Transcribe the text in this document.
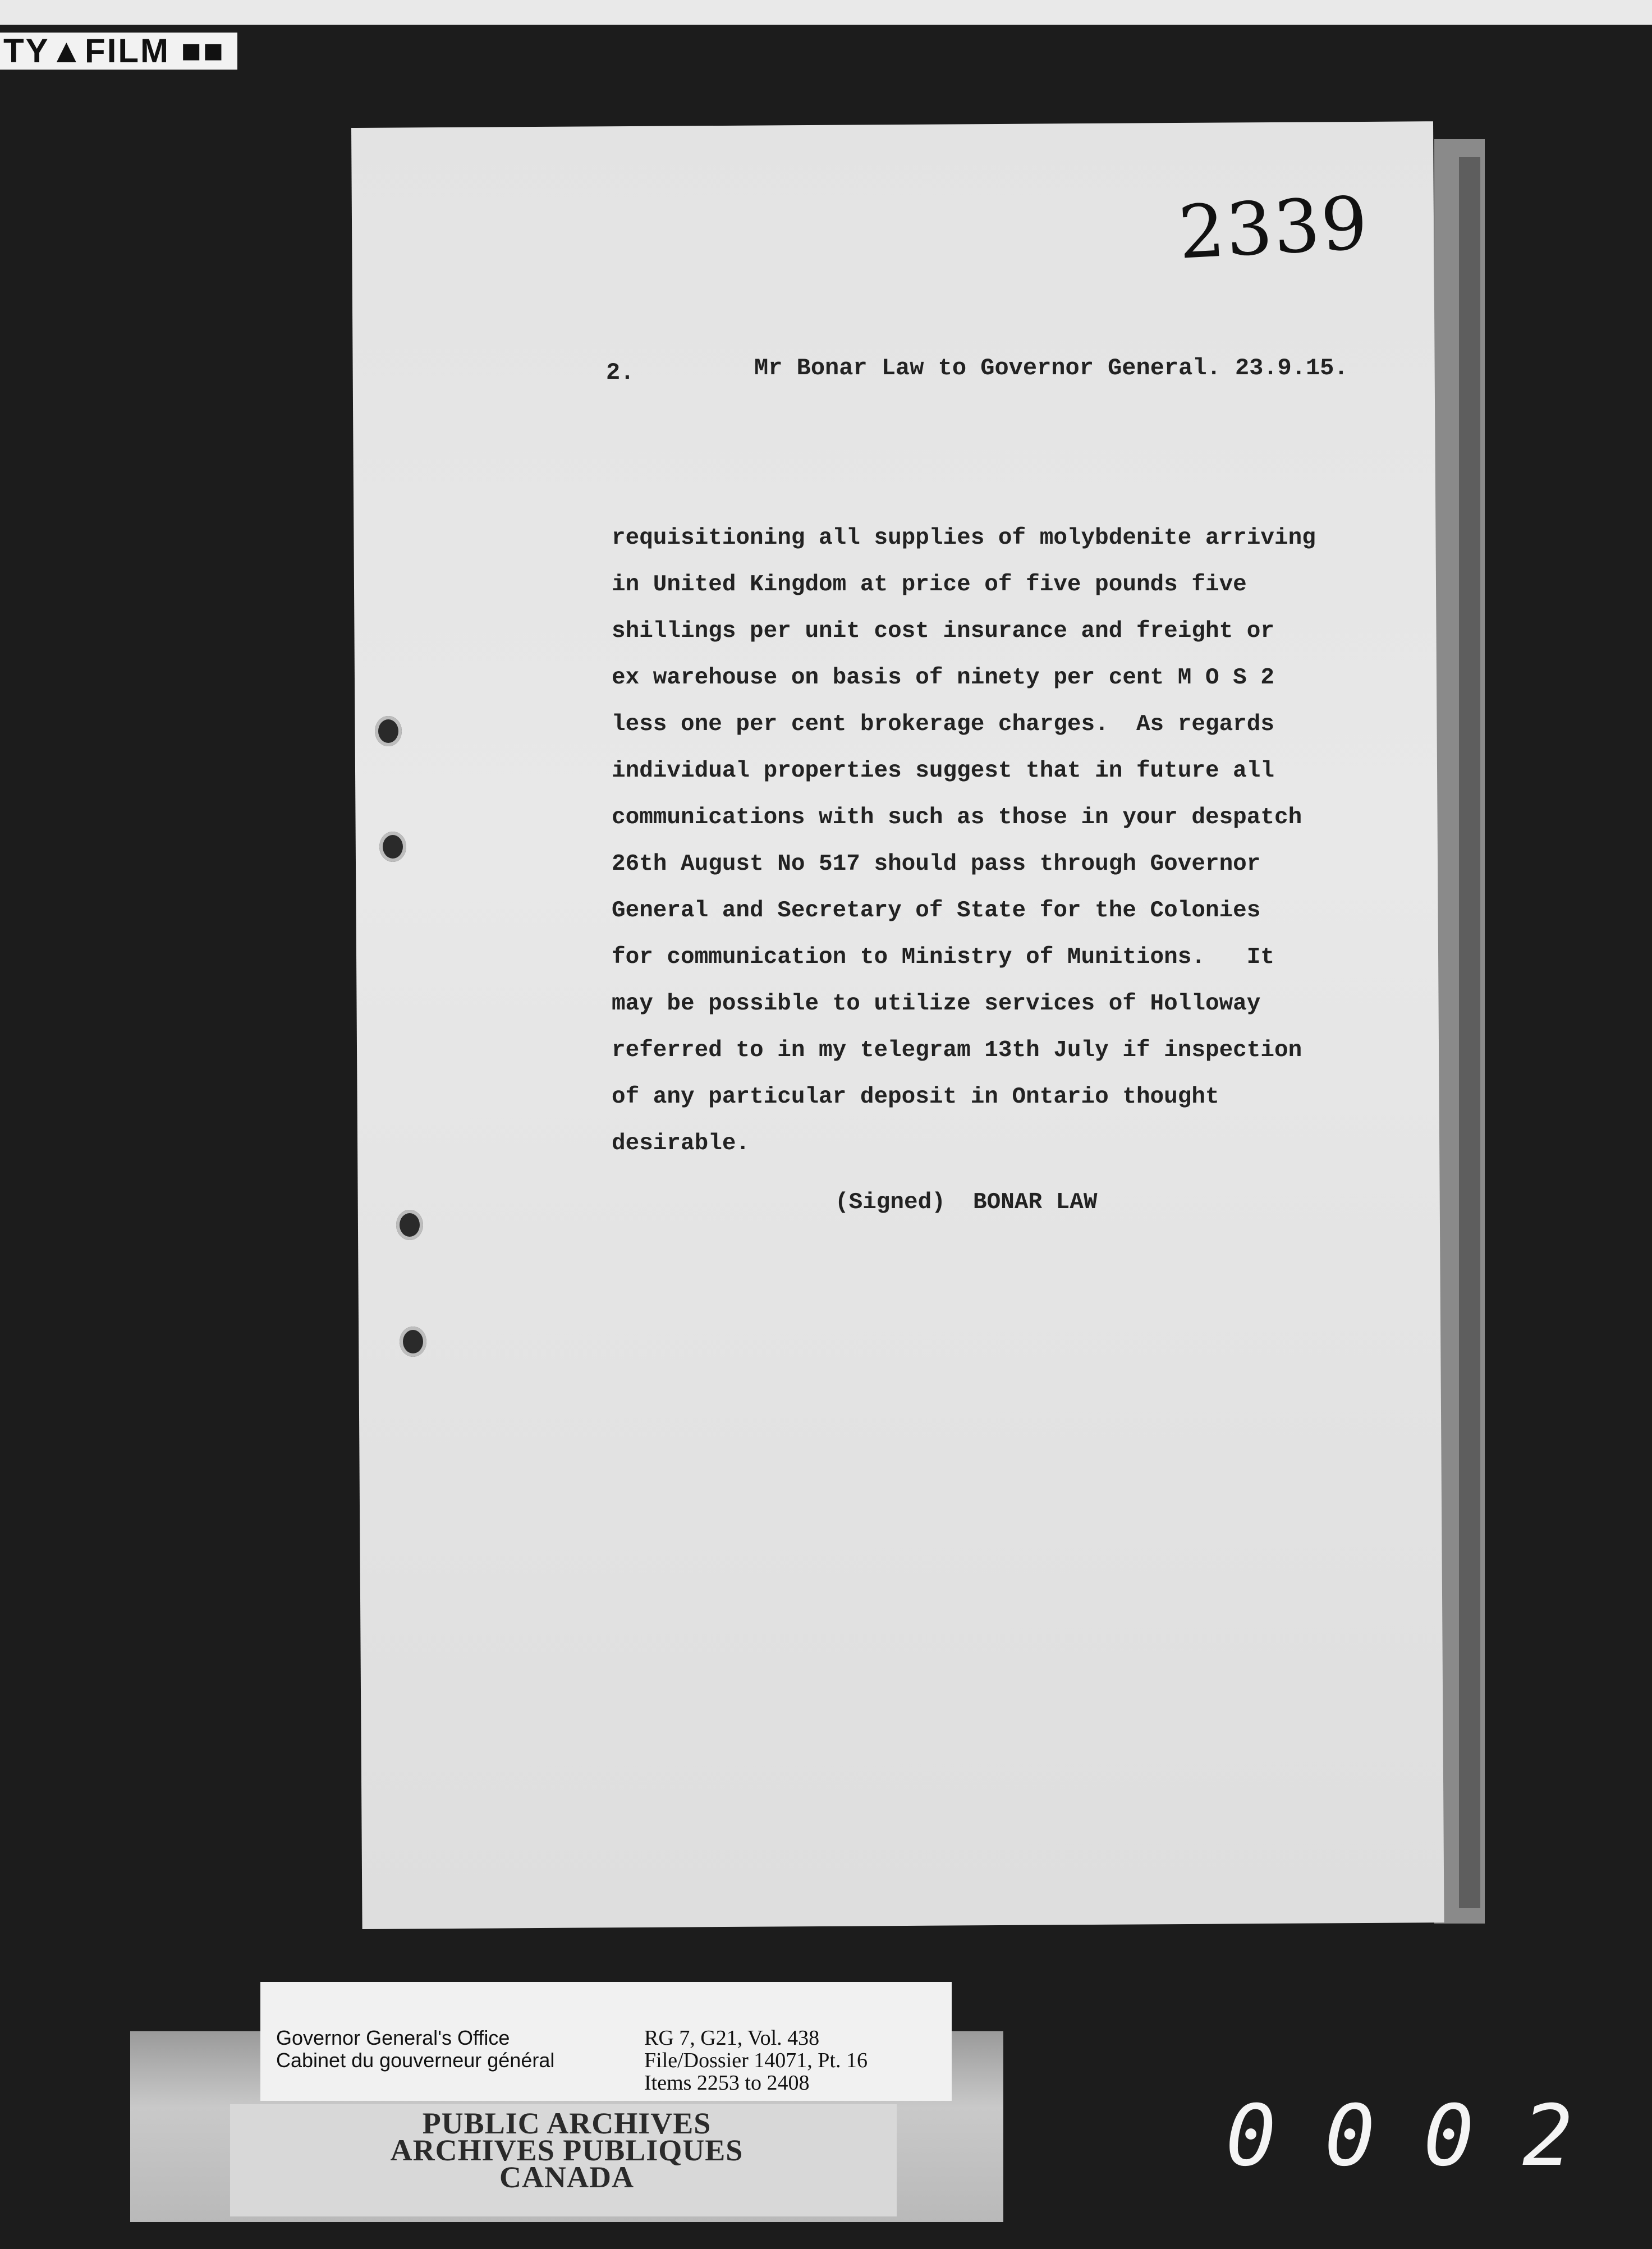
TY▲FILM ■■
2339
2.	Mr Bonar Law to Governor General. 23.9.15.
requisitioning all supplies of molybdenite arriving
in United Kingdom at price of five pounds five
shillings per unit cost insurance and freight or
ex warehouse on basis of ninety per cent M O S 2
less one per cent brokerage charges.  As regards
individual properties suggest that in future all
communications with such as those in your despatch
26th August No 517 should pass through Governor
General and Secretary of State for the Colonies
for communication to Ministry of Munitions.   It
may be possible to utilize services of Holloway
referred to in my telegram 13th July if inspection
of any particular deposit in Ontario thought
desirable.
(Signed)  BONAR LAW
PUBLIC ARCHIVES
ARCHIVES PUBLIQUES
CANADA
Governor General's Office
Cabinet du gouverneur général
RG 7, G21, Vol. 438
File/Dossier 14071, Pt. 16
Items 2253 to 2408
0002
